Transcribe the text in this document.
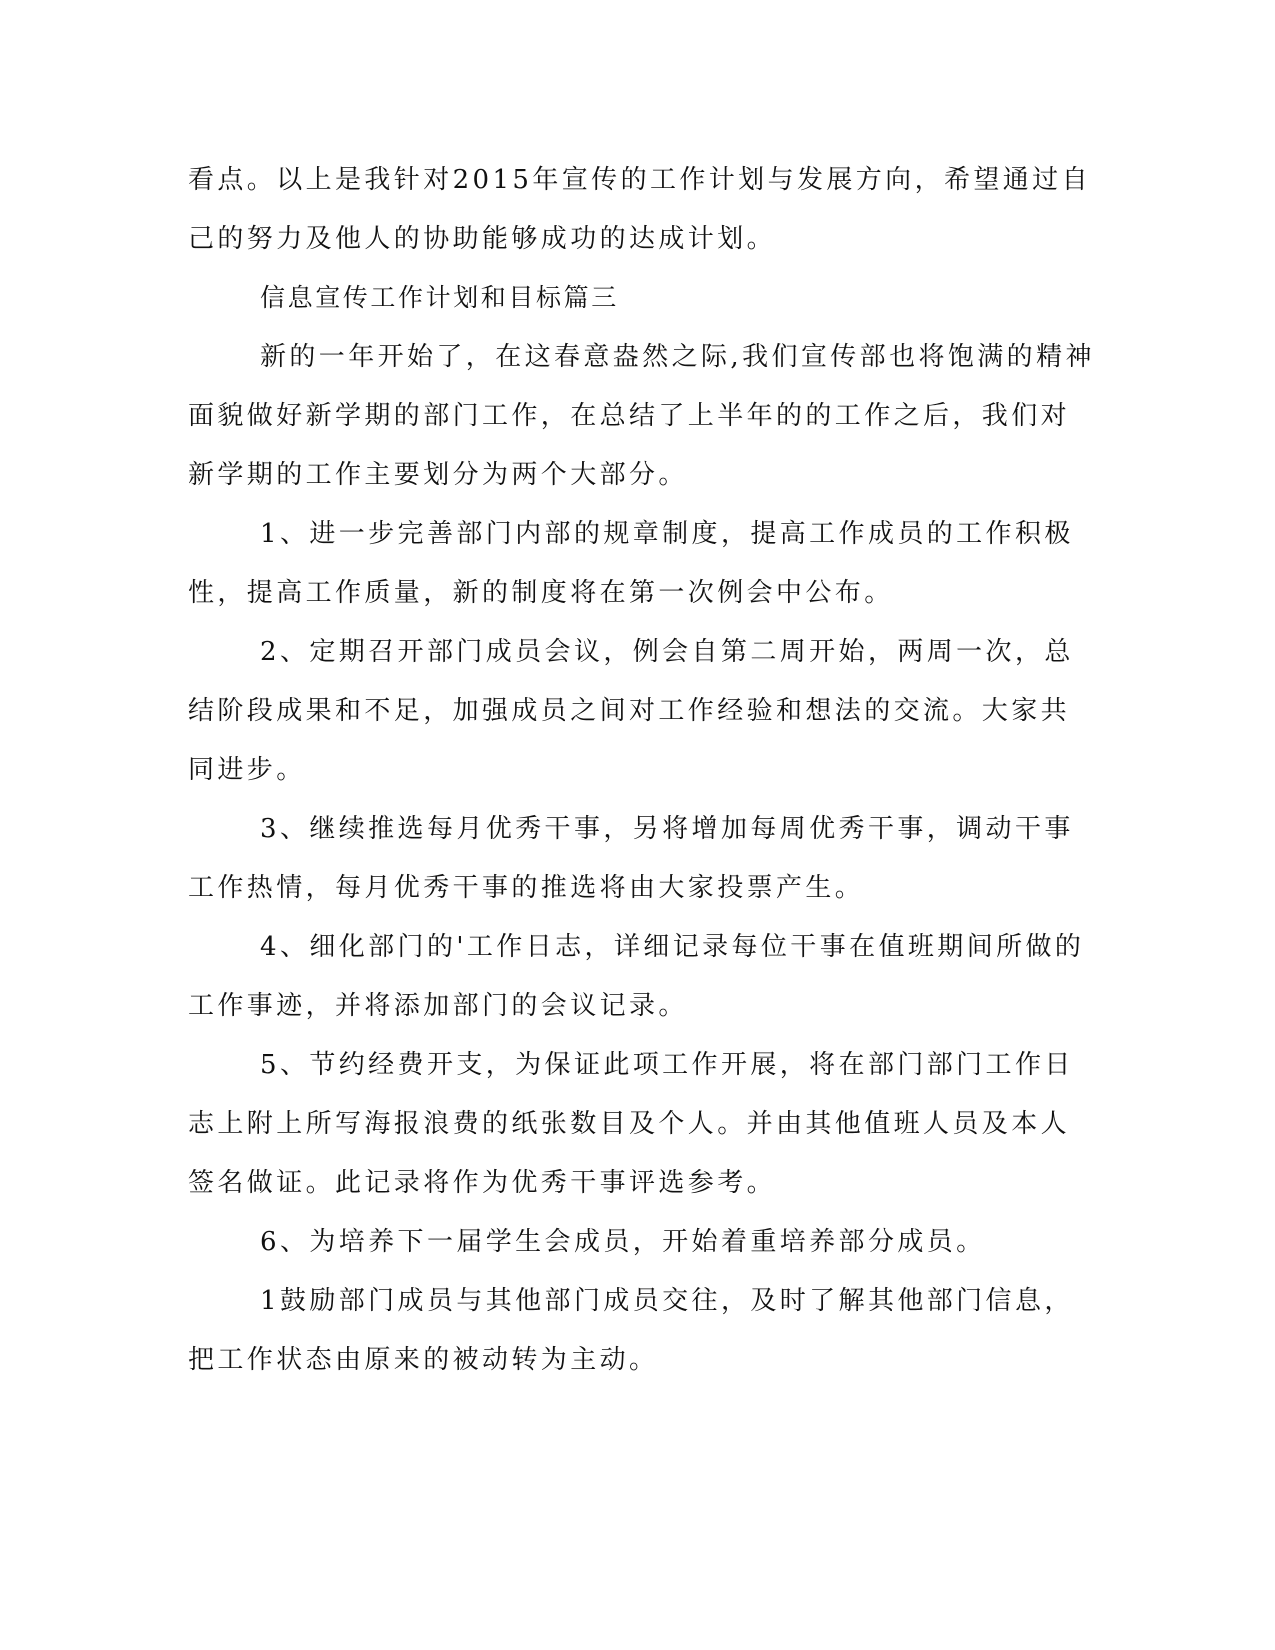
看点。以上是我针对2015年宣传的工作计划与发展方向，希望通过自

己的努力及他人的协助能够成功的达成计划。

信息宣传工作计划和目标篇三

新的一年开始了，在这春意盎然之际,我们宣传部也将饱满的精神

面貌做好新学期的部门工作，在总结了上半年的的工作之后，我们对

新学期的工作主要划分为两个大部分。

1、进一步完善部门内部的规章制度，提高工作成员的工作积极

性，提高工作质量，新的制度将在第一次例会中公布。

2、定期召开部门成员会议，例会自第二周开始，两周一次，总

结阶段成果和不足，加强成员之间对工作经验和想法的交流。大家共

同进步。

3、继续推选每月优秀干事，另将增加每周优秀干事，调动干事

工作热情，每月优秀干事的推选将由大家投票产生。

4、细化部门的'工作日志，详细记录每位干事在值班期间所做的

工作事迹，并将添加部门的会议记录。

5、节约经费开支，为保证此项工作开展，将在部门部门工作日

志上附上所写海报浪费的纸张数目及个人。并由其他值班人员及本人

签名做证。此记录将作为优秀干事评选参考。

6、为培养下一届学生会成员，开始着重培养部分成员。

1鼓励部门成员与其他部门成员交往，及时了解其他部门信息，

把工作状态由原来的被动转为主动。
